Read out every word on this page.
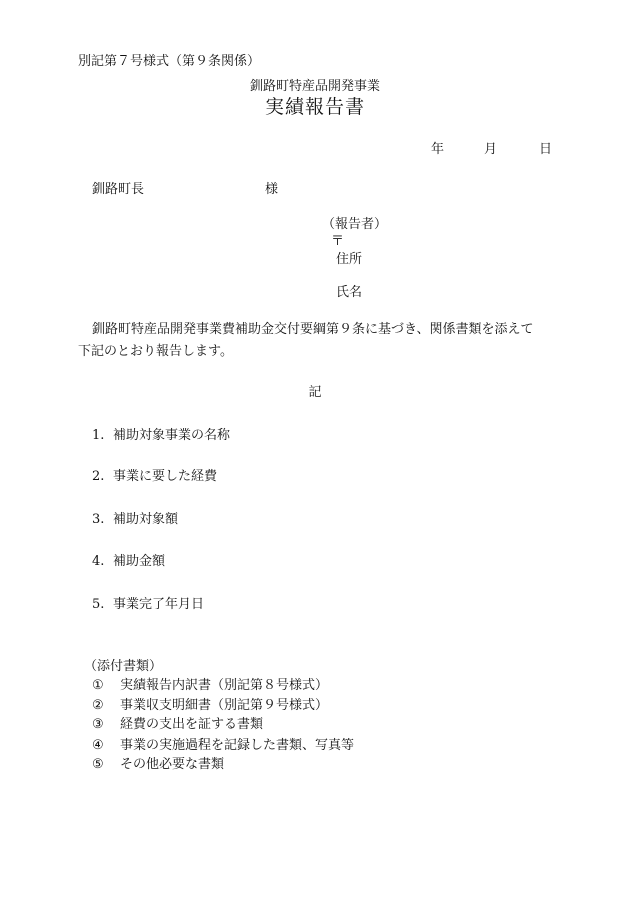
別記第７号様式（第９条関係）
釧路町特産品開発事業
実績報告書
年	月	日
釧路町長	様
（報告者）
〒
住所
氏名
釧路町特産品開発事業費補助金交付要綱第９条に基づき、関係書類を添えて
下記のとおり報告します。
記
1. 補助対象事業の名称
2. 事業に要した経費
3. 補助対象額
4. 補助金額
5. 事業完了年月日
（添付書類）
① 実績報告内訳書（別記第８号様式）
② 事業収支明細書（別記第９号様式）
③ 経費の支出を証する書類
④ 事業の実施過程を記録した書類、写真等
⑤ その他必要な書類
